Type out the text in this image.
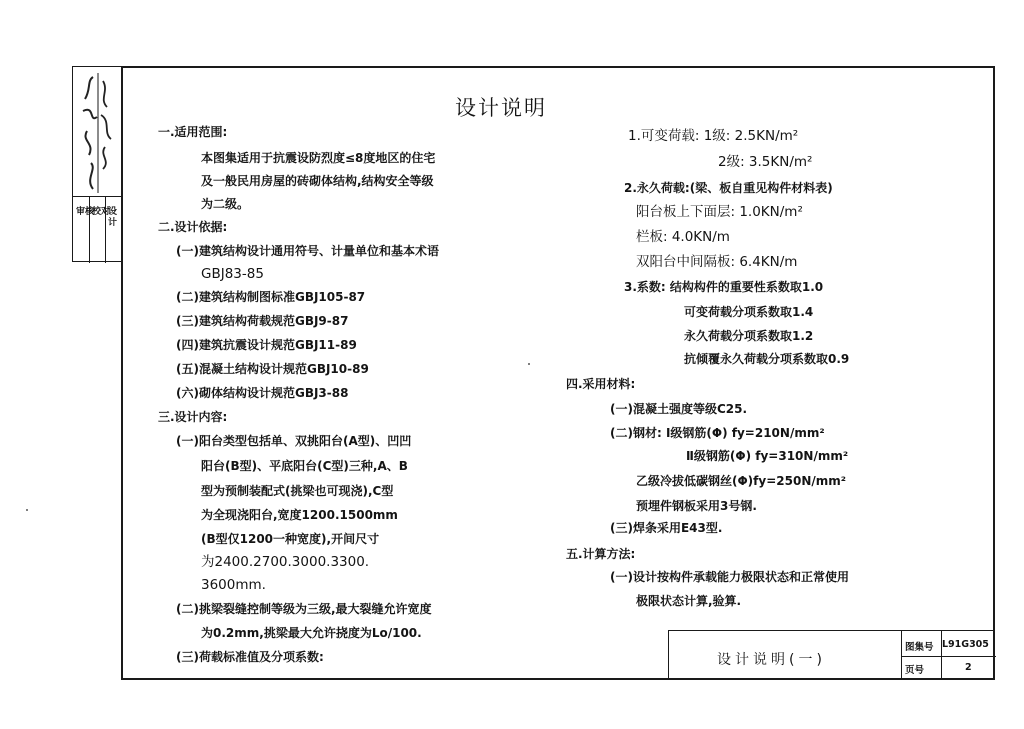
审核
校对
设计
设计说明
一.适用范围:
本图集适用于抗震设防烈度≤8度地区的住宅
及一般民用房屋的砖砌体结构,结构安全等级
为二级。
二.设计依据:
(一)建筑结构设计通用符号、计量单位和基本术语
GBJ83-85
(二)建筑结构制图标准GBJ105-87
(三)建筑结构荷载规范GBJ9-87
(四)建筑抗震设计规范GBJ11-89
(五)混凝土结构设计规范GBJ10-89
(六)砌体结构设计规范GBJ3-88
三.设计内容:
(一)阳台类型包括单、双挑阳台(A型)、凹凹
阳台(B型)、平底阳台(C型)三种,A、B
型为预制装配式(挑梁也可现浇),C型
为全现浇阳台,宽度1200.1500mm
(B型仅1200一种宽度),开间尺寸
为2400.2700.3000.3300.
3600mm.
(二)挑梁裂缝控制等级为三级,最大裂缝允许宽度
为0.2mm,挑梁最大允许挠度为Lo/100.
(三)荷载标准值及分项系数:
1.可变荷载: 1级: 2.5KN/m²
2级: 3.5KN/m²
2.永久荷载:(梁、板自重见构件材料表)
阳台板上下面层: 1.0KN/m²
栏板: 4.0KN/m
双阳台中间隔板: 6.4KN/m
3.系数: 结构构件的重要性系数取1.0
可变荷载分项系数取1.4
永久荷载分项系数取1.2
抗倾覆永久荷载分项系数取0.9
四.采用材料:
(一)混凝土强度等级C25.
(二)钢材: Ⅰ级钢筋(Φ) fy=210N/mm²
Ⅱ级钢筋(Φ) fy=310N/mm²
乙级冷拔低碳钢丝(Φ)fy=250N/mm²
预埋件钢板采用3号钢.
(三)焊条采用E43型.
五.计算方法:
(一)设计按构件承载能力极限状态和正常使用
极限状态计算,验算.
设计说明(一)
图集号 L91G305
页号	2
